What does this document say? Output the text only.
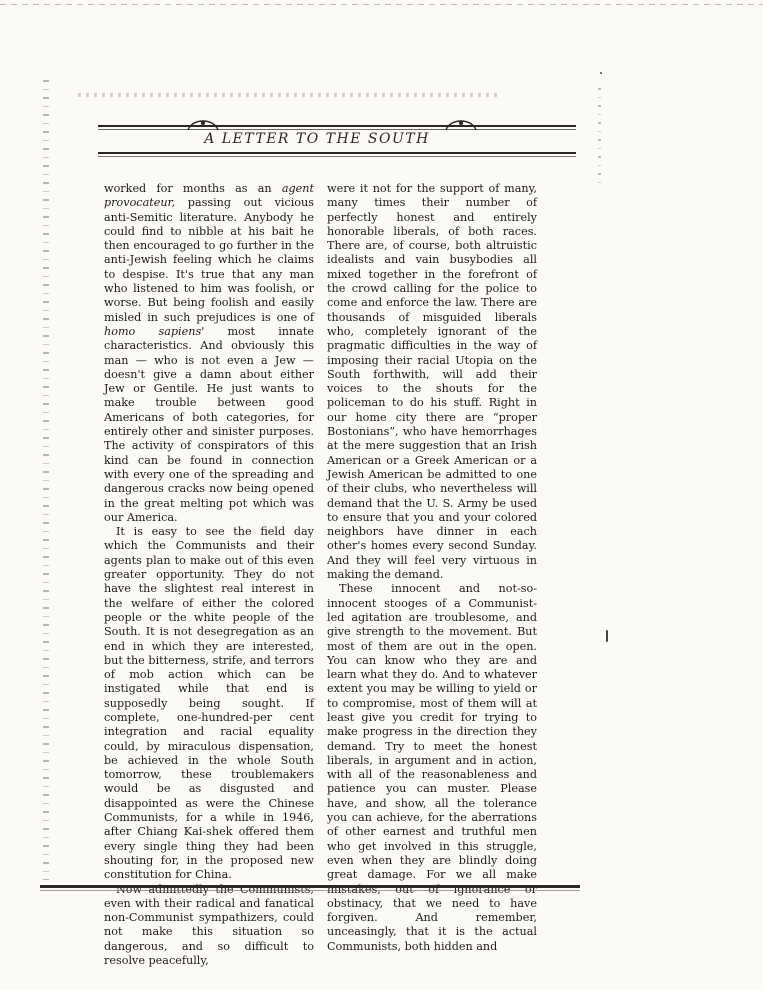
A LETTER TO THE SOUTH

worked for months as an agent provocateur, passing out vicious anti-Semitic literature. Anybody he could find to nibble at his bait he then encouraged to go further in the anti-Jewish feeling which he claims to despise. It's true that any man who listened to him was foolish, or worse. But being foolish and easily misled in such prejudices is one of homo sapiens' most innate characteristics. And obviously this man — who is not even a Jew — doesn't give a damn about either Jew or Gentile. He just wants to make trouble between good Americans of both categories, for entirely other and sinister purposes. The activity of conspirators of this kind can be found in connection with every one of the spreading and dangerous cracks now being opened in the great melting pot which was our America.

It is easy to see the field day which the Communists and their agents plan to make out of this even greater opportunity. They do not have the slightest real interest in the welfare of either the colored people or the white people of the South. It is not desegregation as an end in which they are interested, but the bitterness, strife, and terrors of mob action which can be instigated while that end is supposedly being sought. If complete, one-hundred-per cent integration and racial equality could, by miraculous dispensation, be achieved in the whole South tomorrow, these troublemakers would be as disgusted and disappointed as were the Chinese Communists, for a while in 1946, after Chiang Kai-shek offered them every single thing they had been shouting for, in the proposed new constitution for China.

even with their radical and fanatical non-Communist sympathizers, could not make this situation so dangerous, and so difficult to resolve peacefully,

were it not for the support of many, many times their number of perfectly honest and entirely honorable liberals, of both races. There are, of course, both altruistic idealists and vain busybodies all mixed together in the forefront of the crowd calling for the police to come and enforce the law. There are thousands of misguided liberals who, completely ignorant of the pragmatic difficulties in the way of imposing their racial Utopia on the South forthwith, will add their voices to the shouts for the policeman to do his stuff. Right in our home city there are “proper Bostonians”, who have hemorrhages at the mere suggestion that an Irish American or a Greek American or a Jewish American be admitted to one of their clubs, who nevertheless will demand that the U. S. Army be used to ensure that you and your colored neighbors have dinner in each other's homes every second Sunday. And they will feel very virtuous in making the demand.

These innocent and not-so-innocent stooges of a Communist-led agitation are troublesome, and give strength to the movement. But most of them are out in the open. You can know who they are and learn what they do. And to whatever extent you may be willing to yield or to compromise, most of them will at least give you credit for trying to make progress in the direction they demand. Try to meet the honest liberals, in argument and in action, with all of the reasonableness and patience you can muster. Please have, and show, all the tolerance you can achieve, for the aberrations of other earnest and truthful men who get involved in this struggle, even when they are blindly doing great damage. For we all make obstinacy, that we need to have forgiven. And remember, unceasingly, that it is the actual Communists, both hidden and
